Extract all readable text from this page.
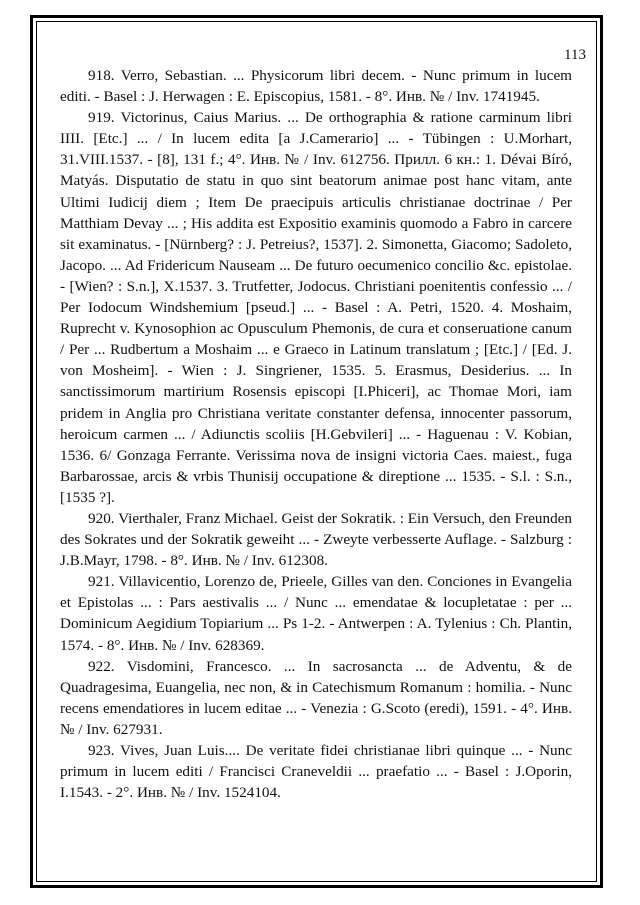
113

918. Verro, Sebastian. ... Physicorum libri decem. - Nunc primum in lucem editi. - Basel : J. Herwagen : E. Episcopius, 1581. - 8°. Инв. № / Inv. 1741945.

919. Victorinus, Caius Marius. ... De orthographia & ratione carminum libri IIII. [Etc.] ... / In lucem edita [a J.Camerario] ... - Tübingen : U.Morhart, 31.VIII.1537. - [8], 131 f.; 4°. Инв. № / Inv. 612756. Прилл. 6 кн.: 1. Dévai Bíró, Matyás. Disputatio de statu in quo sint beatorum animae post hanc vitam, ante Ultimi Iudicij diem ; Item De praecipuis articulis christianae doctrinae / Per Matthiam Devay ... ; His addita est Expositio examinis quomodo a Fabro in carcere sit examinatus. - [Nürnberg? : J. Petreius?, 1537]. 2. Simonetta, Giacomo; Sadoleto, Jacopo. ... Ad Fridericum Nauseam ... De futuro oecumenico concilio &c. epistolae. - [Wien? : S.n.], X.1537. 3. Trutfetter, Jodocus. Christiani poenitentis confessio ... / Per Iodocum Windshemium [pseud.] ... - Basel : A. Petri, 1520. 4. Moshaim, Ruprecht v. Kynosophion ac Opusculum Phemonis, de cura et conseruatione canum / Per ... Rudbertum a Moshaim ... e Graeco in Latinum translatum ; [Etc.] / [Ed. J. von Mosheim]. - Wien : J. Singriener, 1535. 5. Erasmus, Desiderius. ... In sanctissimorum martirium Rosensis episcopi [I.Phiceri], ac Thomae Mori, iam pridem in Anglia pro Christiana veritate constanter defensa, innocenter passorum, heroicum carmen ... / Adiunctis scoliis [H.Gebvileri] ... - Haguenau : V. Kobian, 1536. 6/ Gonzaga Ferrante. Verissima nova de insigni victoria Caes. maiest., fuga Barbarossae, arcis & vrbis Thunisij occupatione & direptione ... 1535. - S.l. : S.n., [1535 ?].

920. Vierthaler, Franz Michael. Geist der Sokratik. : Ein Versuch, den Freunden des Sokrates und der Sokratik geweiht ... - Zweyte verbesserte Auflage. - Salzburg : J.B.Mayr, 1798. - 8°. Инв. № / Inv. 612308.

921. Villavicentio, Lorenzo de, Prieele, Gilles van den. Conciones in Evangelia et Epistolas ... : Pars aestivalis ... / Nunc ... emendatae & locupletatae : per ... Dominicum Aegidium Topiarium ... Ps 1-2. - Antwerpen : A. Tylenius : Ch. Plantin, 1574. - 8°. Инв. № / Inv. 628369.

922. Visdomini, Francesco. ... In sacrosancta ... de Adventu, & de Quadragesima, Euangelia, nec non, & in Catechismum Romanum : homilia. - Nunc recens emendatiores in lucem editae ... - Venezia : G.Scoto (eredi), 1591. - 4°. Инв. № / Inv. 627931.

923. Vives, Juan Luis.... De veritate fidei christianae libri quinque ... - Nunc primum in lucem editi / Francisci Craneveldii ... praefatio ... - Basel : J.Oporin, I.1543. - 2°. Инв. № / Inv. 1524104.
